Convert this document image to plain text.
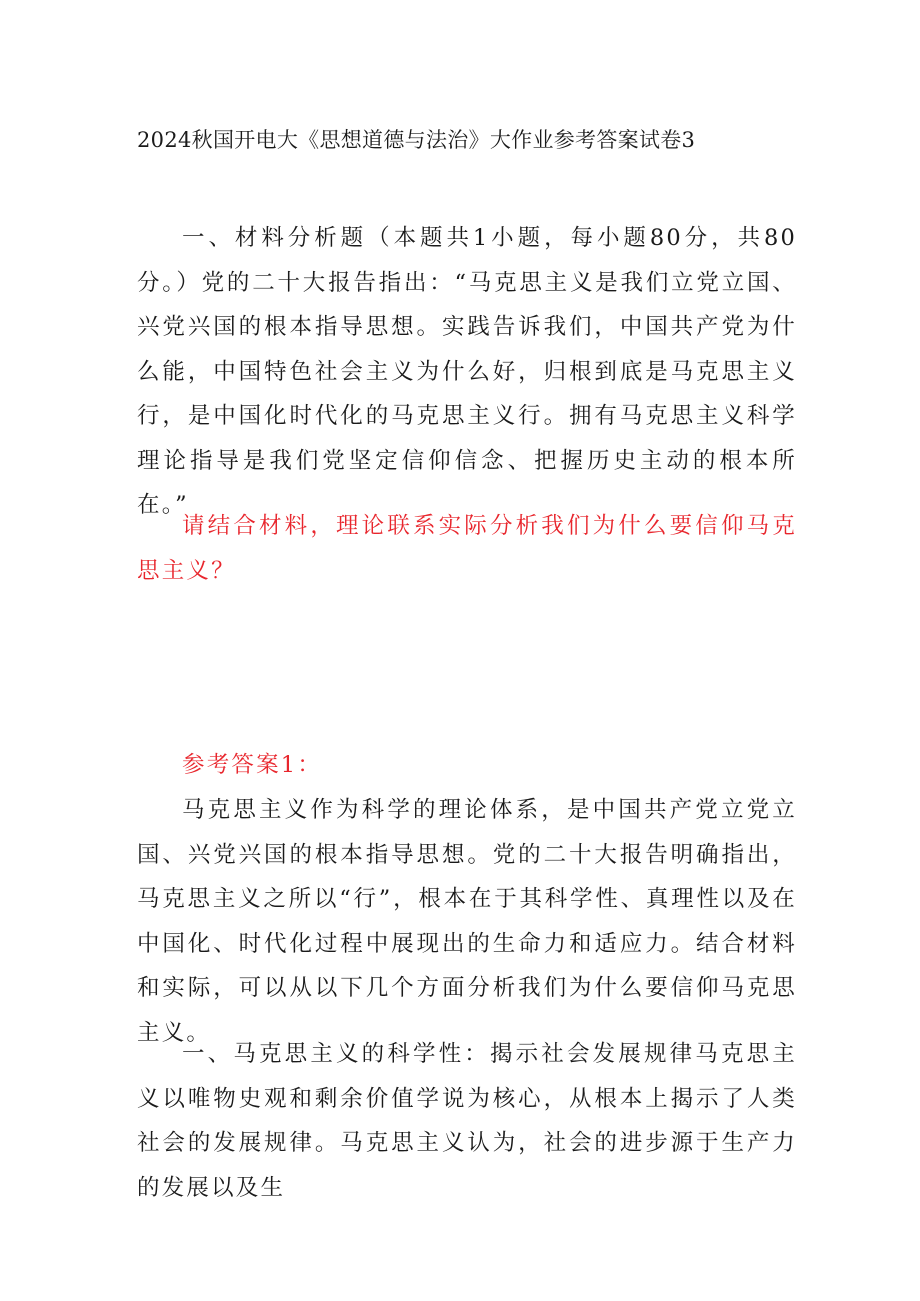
2024秋国开电大《思想道德与法治》大作业参考答案试卷3

一、材料分析题（本题共1小题，每小题80分，共80分。）党的二十大报告指出：“马克思主义是我们立党立国、兴党兴国的根本指导思想。实践告诉我们，中国共产党为什么能，中国特色社会主义为什么好，归根到底是马克思主义行，是中国化时代化的马克思主义行。拥有马克思主义科学理论指导是我们党坚定信仰信念、把握历史主动的根本所在。”

请结合材料，理论联系实际分析我们为什么要信仰马克思主义？

参考答案1：

马克思主义作为科学的理论体系，是中国共产党立党立国、兴党兴国的根本指导思想。党的二十大报告明确指出，马克思主义之所以“行”，根本在于其科学性、真理性以及在中国化、时代化过程中展现出的生命力和适应力。结合材料和实际，可以从以下几个方面分析我们为什么要信仰马克思主义。

一、马克思主义的科学性：揭示社会发展规律马克思主义以唯物史观和剩余价值学说为核心，从根本上揭示了人类社会的发展规律。马克思主义认为，社会的进步源于生产力的发展以及生
